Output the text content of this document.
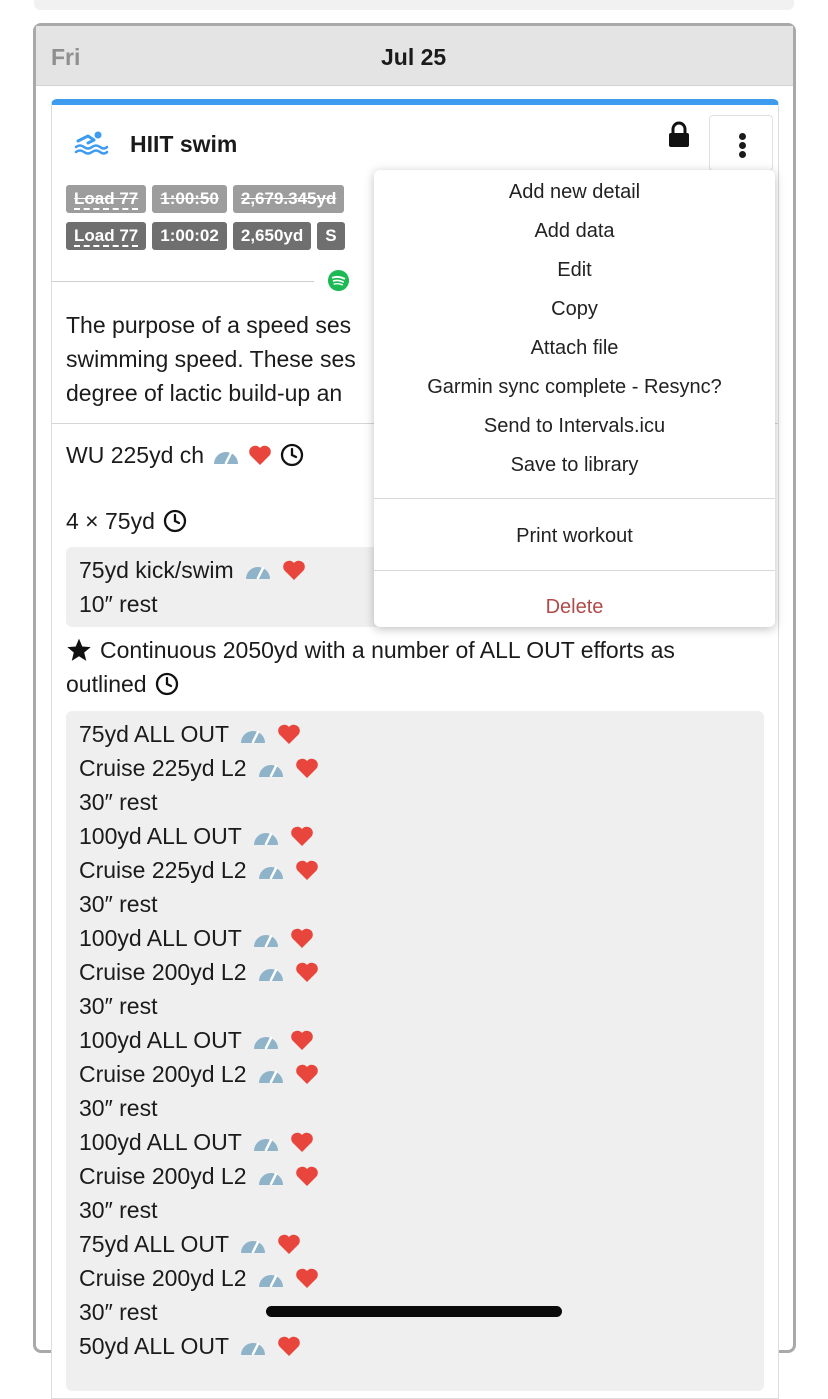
Fri	Jul 25
HIIT swim
Load 77	1:00:50	2,679.345yd
Load 77	1:00:02	2,650yd	S
The purpose of a speed ses
swimming speed. These ses
degree of lactic build-up an
WU 225yd ch
4 × 75yd
75yd kick/swim
10″ rest
Continuous 2050yd with a number of ALL OUT efforts as
outlined
75yd ALL OUT
Cruise 225yd L2
30″ rest
100yd ALL OUT
Cruise 225yd L2
30″ rest
100yd ALL OUT
Cruise 200yd L2
30″ rest
100yd ALL OUT
Cruise 200yd L2
30″ rest
100yd ALL OUT
Cruise 200yd L2
30″ rest
75yd ALL OUT
Cruise 200yd L2
30″ rest
50yd ALL OUT
Print workout
Delete
Add new detail
Add data
Edit
Copy
Attach file
Garmin sync complete - Resync?
Send to Intervals.icu
Save to library
